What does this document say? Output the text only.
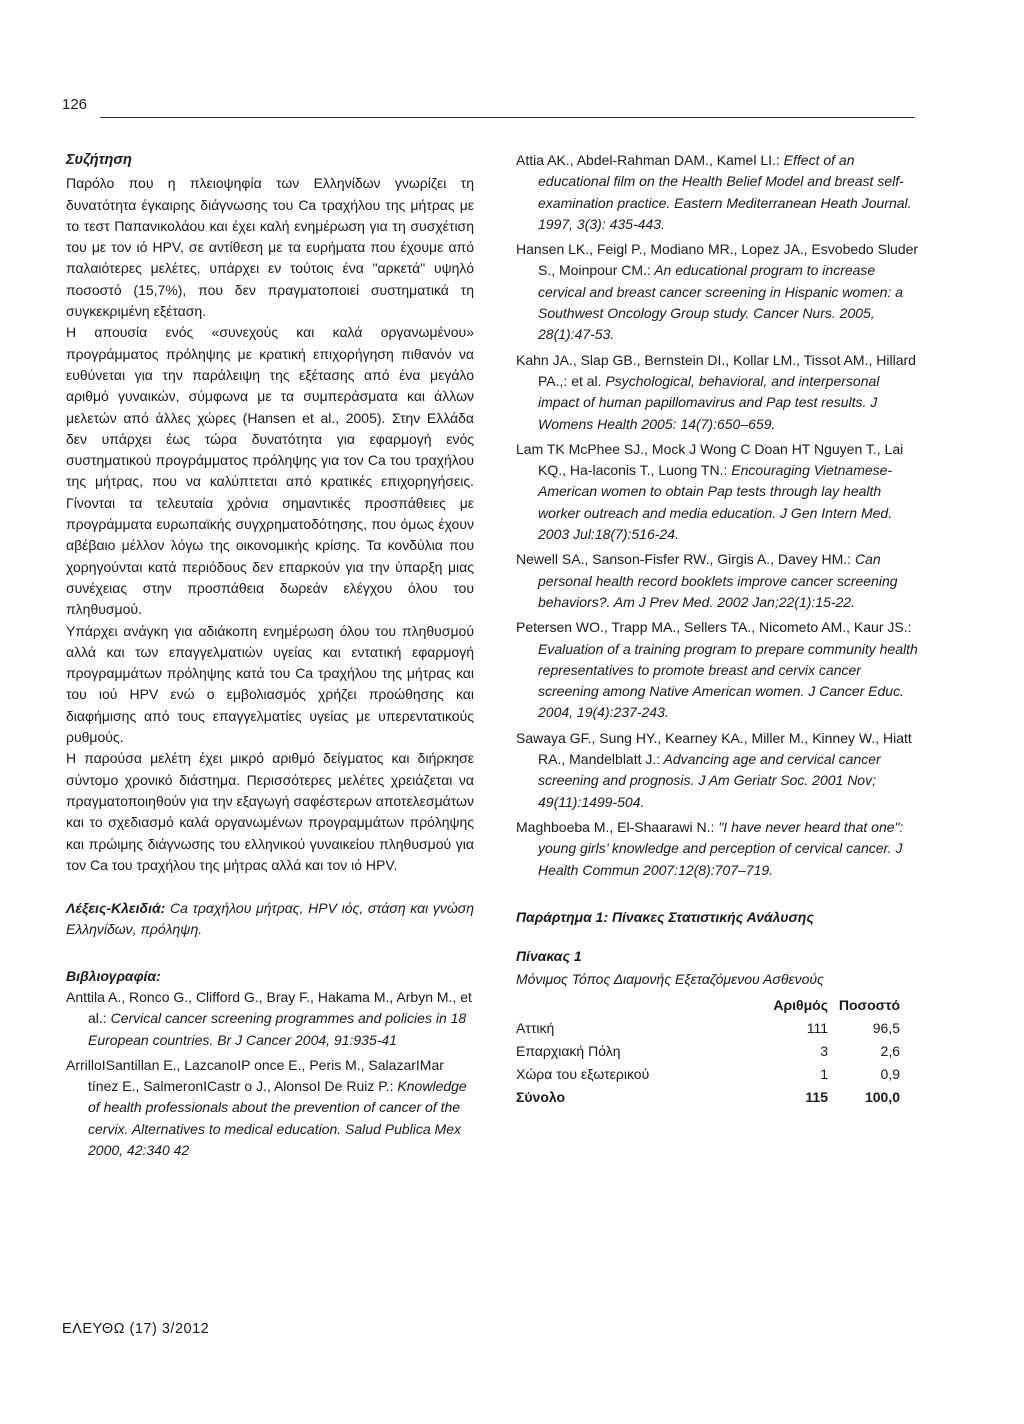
126
Συζήτηση

Παρόλο που η πλειοψηφία των Ελληνίδων γνωρίζει τη δυνατότητα έγκαιρης διάγνωσης του Ca τραχήλου της μήτρας με το τεστ Παπανικολάου και έχει καλή ενημέρωση για τη συσχέτιση του με τον ιό HPV, σε αντίθεση με τα ευρήματα που έχουμε από παλαιότερες μελέτες, υπάρχει εν τούτοις ένα "αρκετά" υψηλό ποσοστό (15,7%), που δεν πραγματοποιεί συστηματικά τη συγκεκριμένη εξέταση.

Η απουσία ενός «συνεχούς και καλά οργανωμένου» προγράμματος πρόληψης με κρατική επιχορήγηση πιθανόν να ευθύνεται για την παράλειψη της εξέτασης από ένα μεγάλο αριθμό γυναικών, σύμφωνα με τα συμπεράσματα και άλλων μελετών από άλλες χώρες (Hansen et al., 2005). Στην Ελλάδα δεν υπάρχει έως τώρα δυνατότητα για εφαρμογή ενός συστηματικού προγράμματος πρόληψης για τον Ca του τραχήλου της μήτρας, που να καλύπτεται από κρατικές επιχορηγήσεις. Γίνονται τα τελευταία χρόνια σημαντικές προσπάθειες με προγράμματα ευρωπαϊκής συγχρηματοδότησης, που όμως έχουν αβέβαιο μέλλον λόγω της οικονομικής κρίσης. Τα κονδύλια που χορηγούνται κατά περιόδους δεν επαρκούν για την ύπαρξη μιας συνέχειας στην προσπάθεια δωρεάν ελέγχου όλου του πληθυσμού.

Υπάρχει ανάγκη για αδιάκοπη ενημέρωση όλου του πληθυσμού αλλά και των επαγγελματιών υγείας και εντατική εφαρμογή προγραμμάτων πρόληψης κατά του Ca τραχήλου της μήτρας και του ιού HPV ενώ ο εμβολιασμός χρήζει προώθησης και διαφήμισης από τους επαγγελματίες υγείας με υπερεντατικούς ρυθμούς.

Η παρούσα μελέτη έχει μικρό αριθμό δείγματος και διήρκησε σύντομο χρονικό διάστημα. Περισσότερες μελέτες χρειάζεται να πραγματοποιηθούν για την εξαγωγή σαφέστερων αποτελεσμάτων και το σχεδιασμό καλά οργανωμένων προγραμμάτων πρόληψης και πρώιμης διάγνωσης του ελληνικού γυναικείου πληθυσμού για τον Ca του τραχήλου της μήτρας αλλά και τον ιό HPV.

Λέξεις-Κλειδιά: Ca τραχήλου μήτρας, HPV ιός, στάση και γνώση Ελληνίδων, πρόληψη.

Βιβλιογραφία:

Anttila A., Ronco G., Clifford G., Bray F., Hakama M., Arbyn M., et al.: Cervical cancer screening programmes and policies in 18 European countries. Br J Cancer 2004, 91:935-41

ArrilloISantillan E., LazcanoIP once E., Peris M., SalazarIMar tínez E., SalmeronICastr o J., AlonsoI De Ruiz P.: Knowledge of health professionals about the prevention of cancer of the cervix. Alternatives to medical education. Salud Publica Mex 2000, 42:340 42

Attia AK., Abdel-Rahman DAM., Kamel LI.: Effect of an educational film on the Health Belief Model and breast self-examination practice. Eastern Mediterranean Heath Journal. 1997, 3(3): 435-443.

Hansen LK., Feigl P., Modiano MR., Lopez JA., Esvobedo Sluder S., Moinpour CM.: An educational program to increase cervical and breast cancer screening in Hispanic women: a Southwest Oncology Group study. Cancer Nurs. 2005, 28(1):47-53.

Kahn JA., Slap GB., Bernstein DI., Kollar LM., Tissot AM., Hillard PA.,: et al. Psychological, behavioral, and interpersonal impact of human papillomavirus and Pap test results. J Womens Health 2005: 14(7):650–659.

Lam TK McPhee SJ., Mock J Wong C Doan HT Nguyen T., Lai KQ., Ha-laconis T., Luong TN.: Encouraging Vietnamese-American women to obtain Pap tests through lay health worker outreach and media education. J Gen Intern Med. 2003 Jul:18(7):516-24.

Newell SA., Sanson-Fisfer RW., Girgis A., Davey HM.: Can personal health record booklets improve cancer screening behaviors?. Am J Prev Med. 2002 Jan;22(1):15-22.

Petersen WO., Trapp MA., Sellers TA., Nicometo AM., Kaur JS.: Evaluation of a training program to prepare community health representatives to promote breast and cervix cancer screening among Native American women. J Cancer Educ. 2004, 19(4):237-243.

Sawaya GF., Sung HY., Kearney KA., Miller M., Kinney W., Hiatt RA., Mandelblatt J.: Advancing age and cervical cancer screening and prognosis. J Am Geriatr Soc. 2001 Nov; 49(11):1499-504.

Maghboeba M., El-Shaarawi N.: "I have never heard that one": young girls’ knowledge and perception of cervical cancer. J Health Commun 2007:12(8):707–719.

Παράρτημα 1: Πίνακες Στατιστικής Ανάλυσης
Πίνακας 1
Μόνιμος Τόπος Διαμονής Εξεταζόμενου Ασθενούς
	Αριθμός	Ποσοστό
Αττική	111	96,5
Επαρχιακή Πόλη	3	2,6
Χώρα του εξωτερικού	1	0,9
Σύνολο	115	100,0
ΕΛΕΥΘΩ (17) 3/2012
